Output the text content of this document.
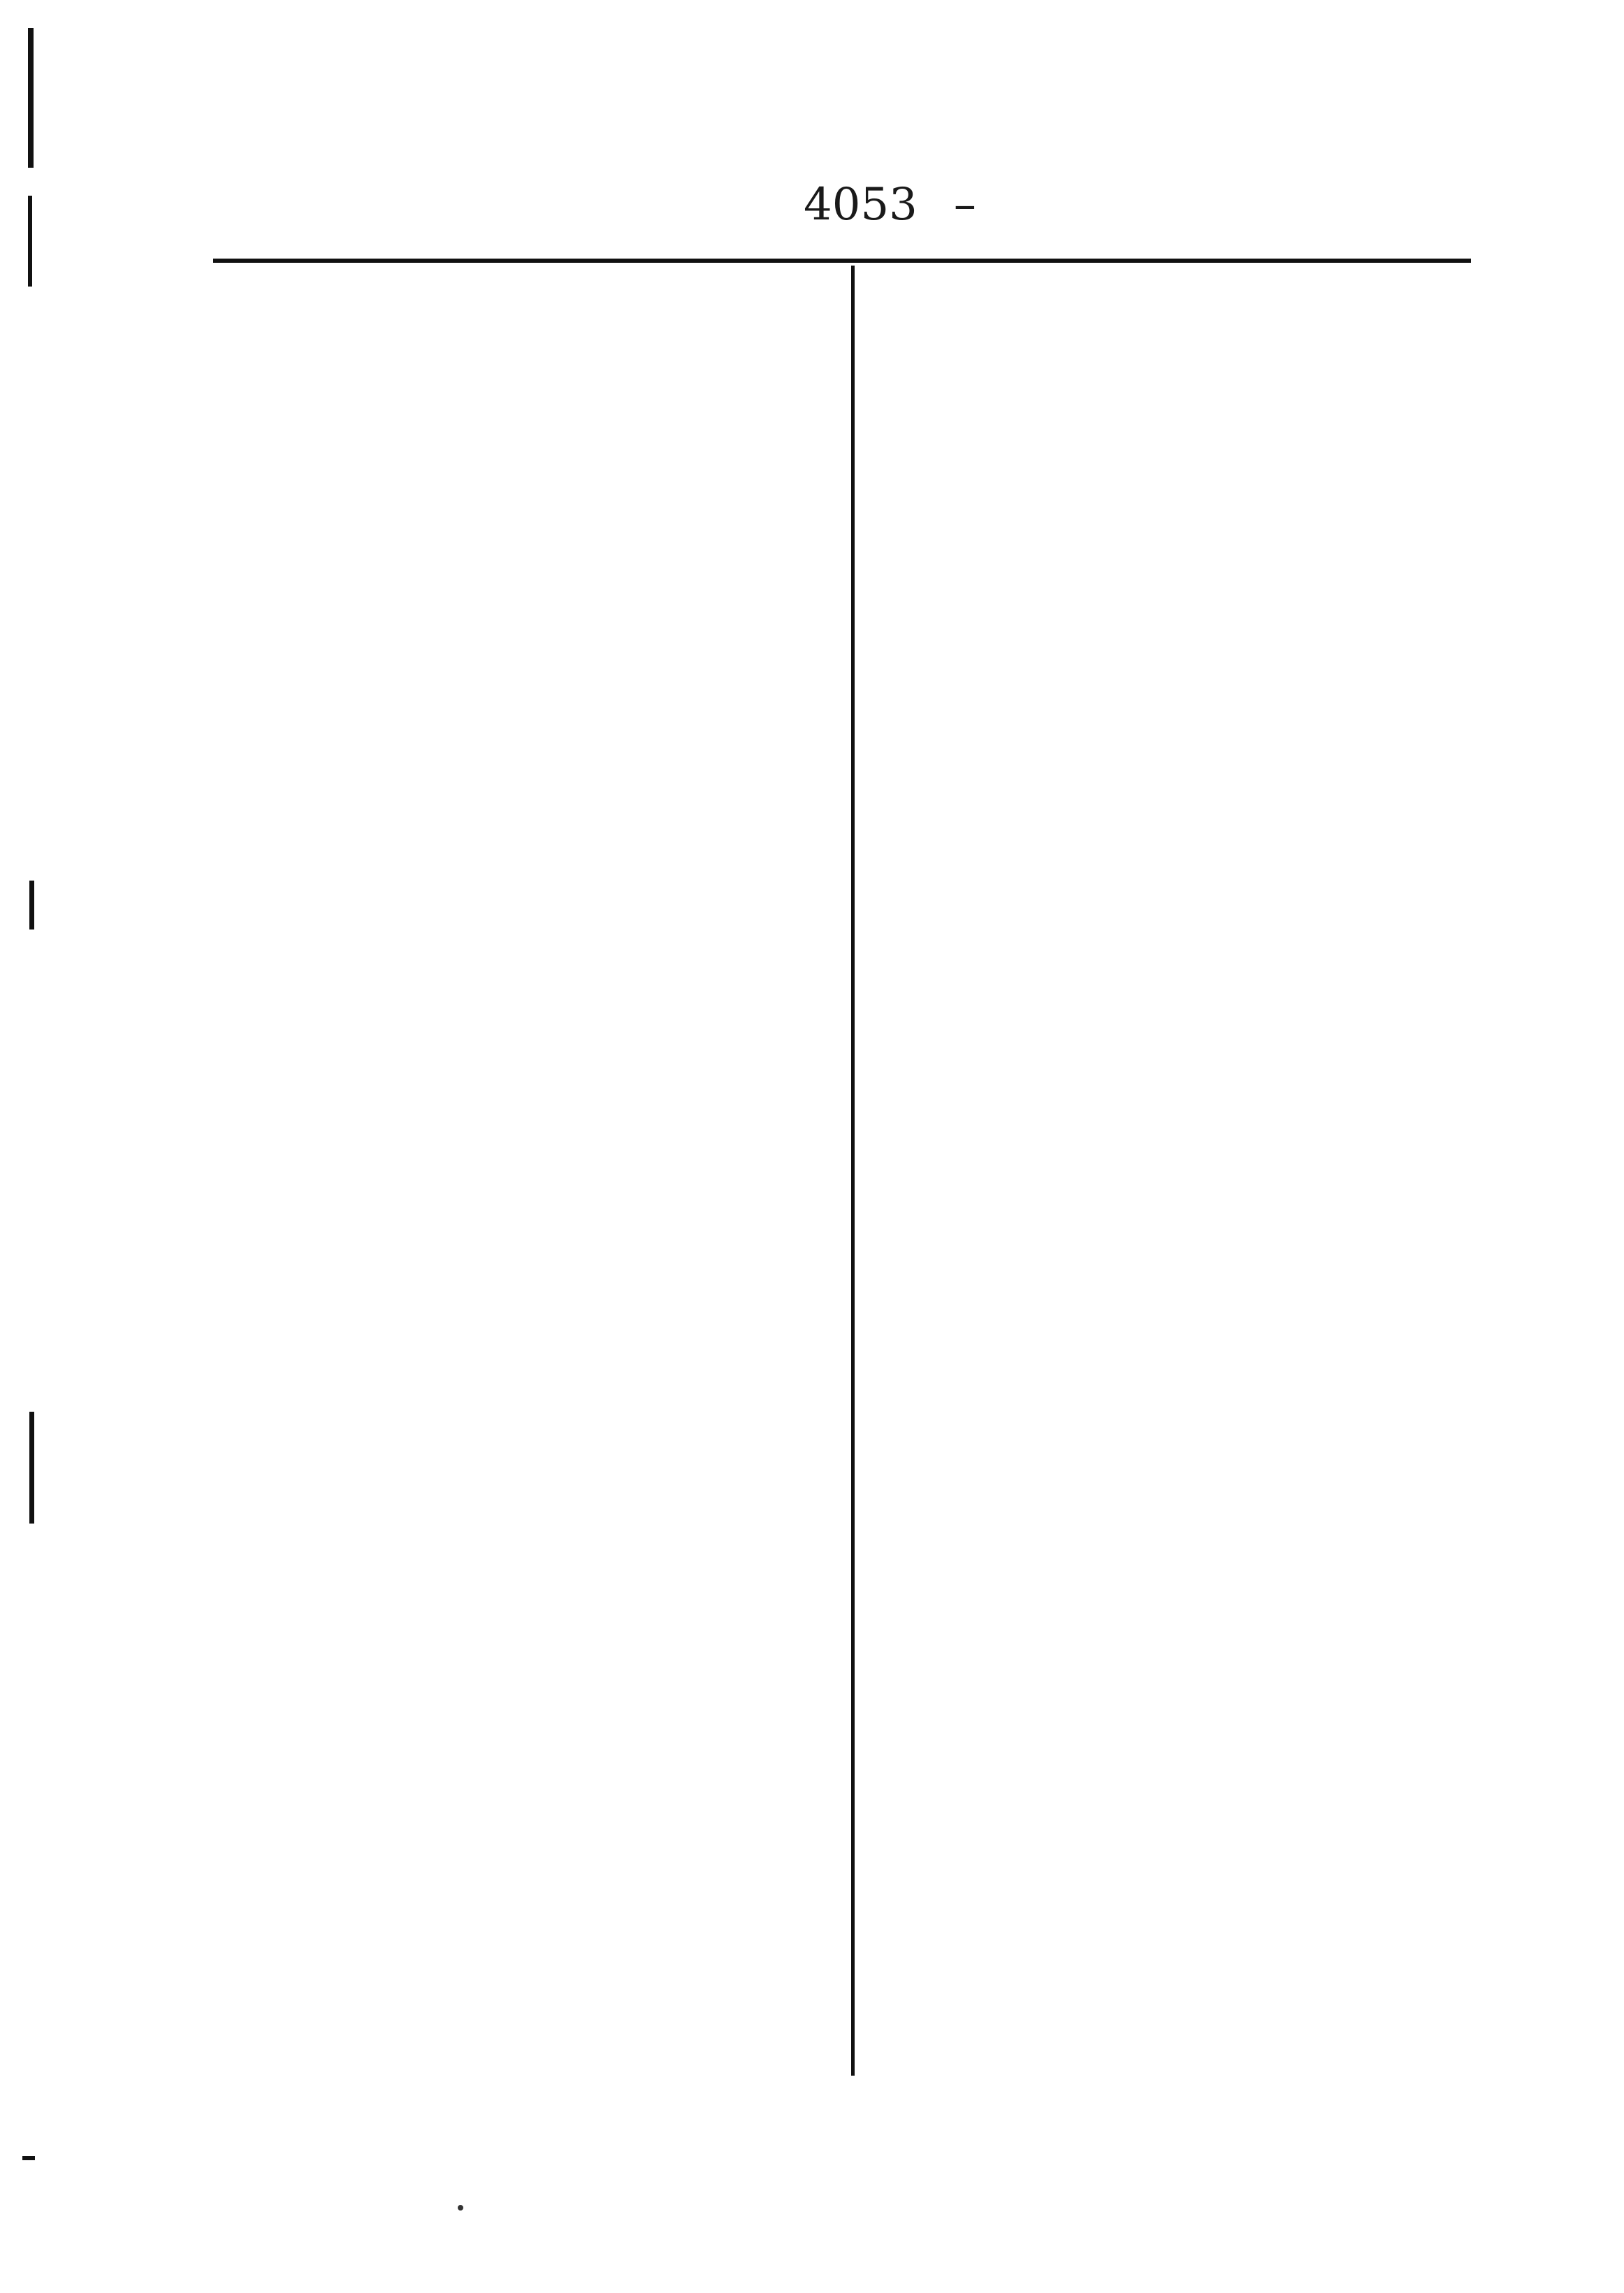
4053 –
